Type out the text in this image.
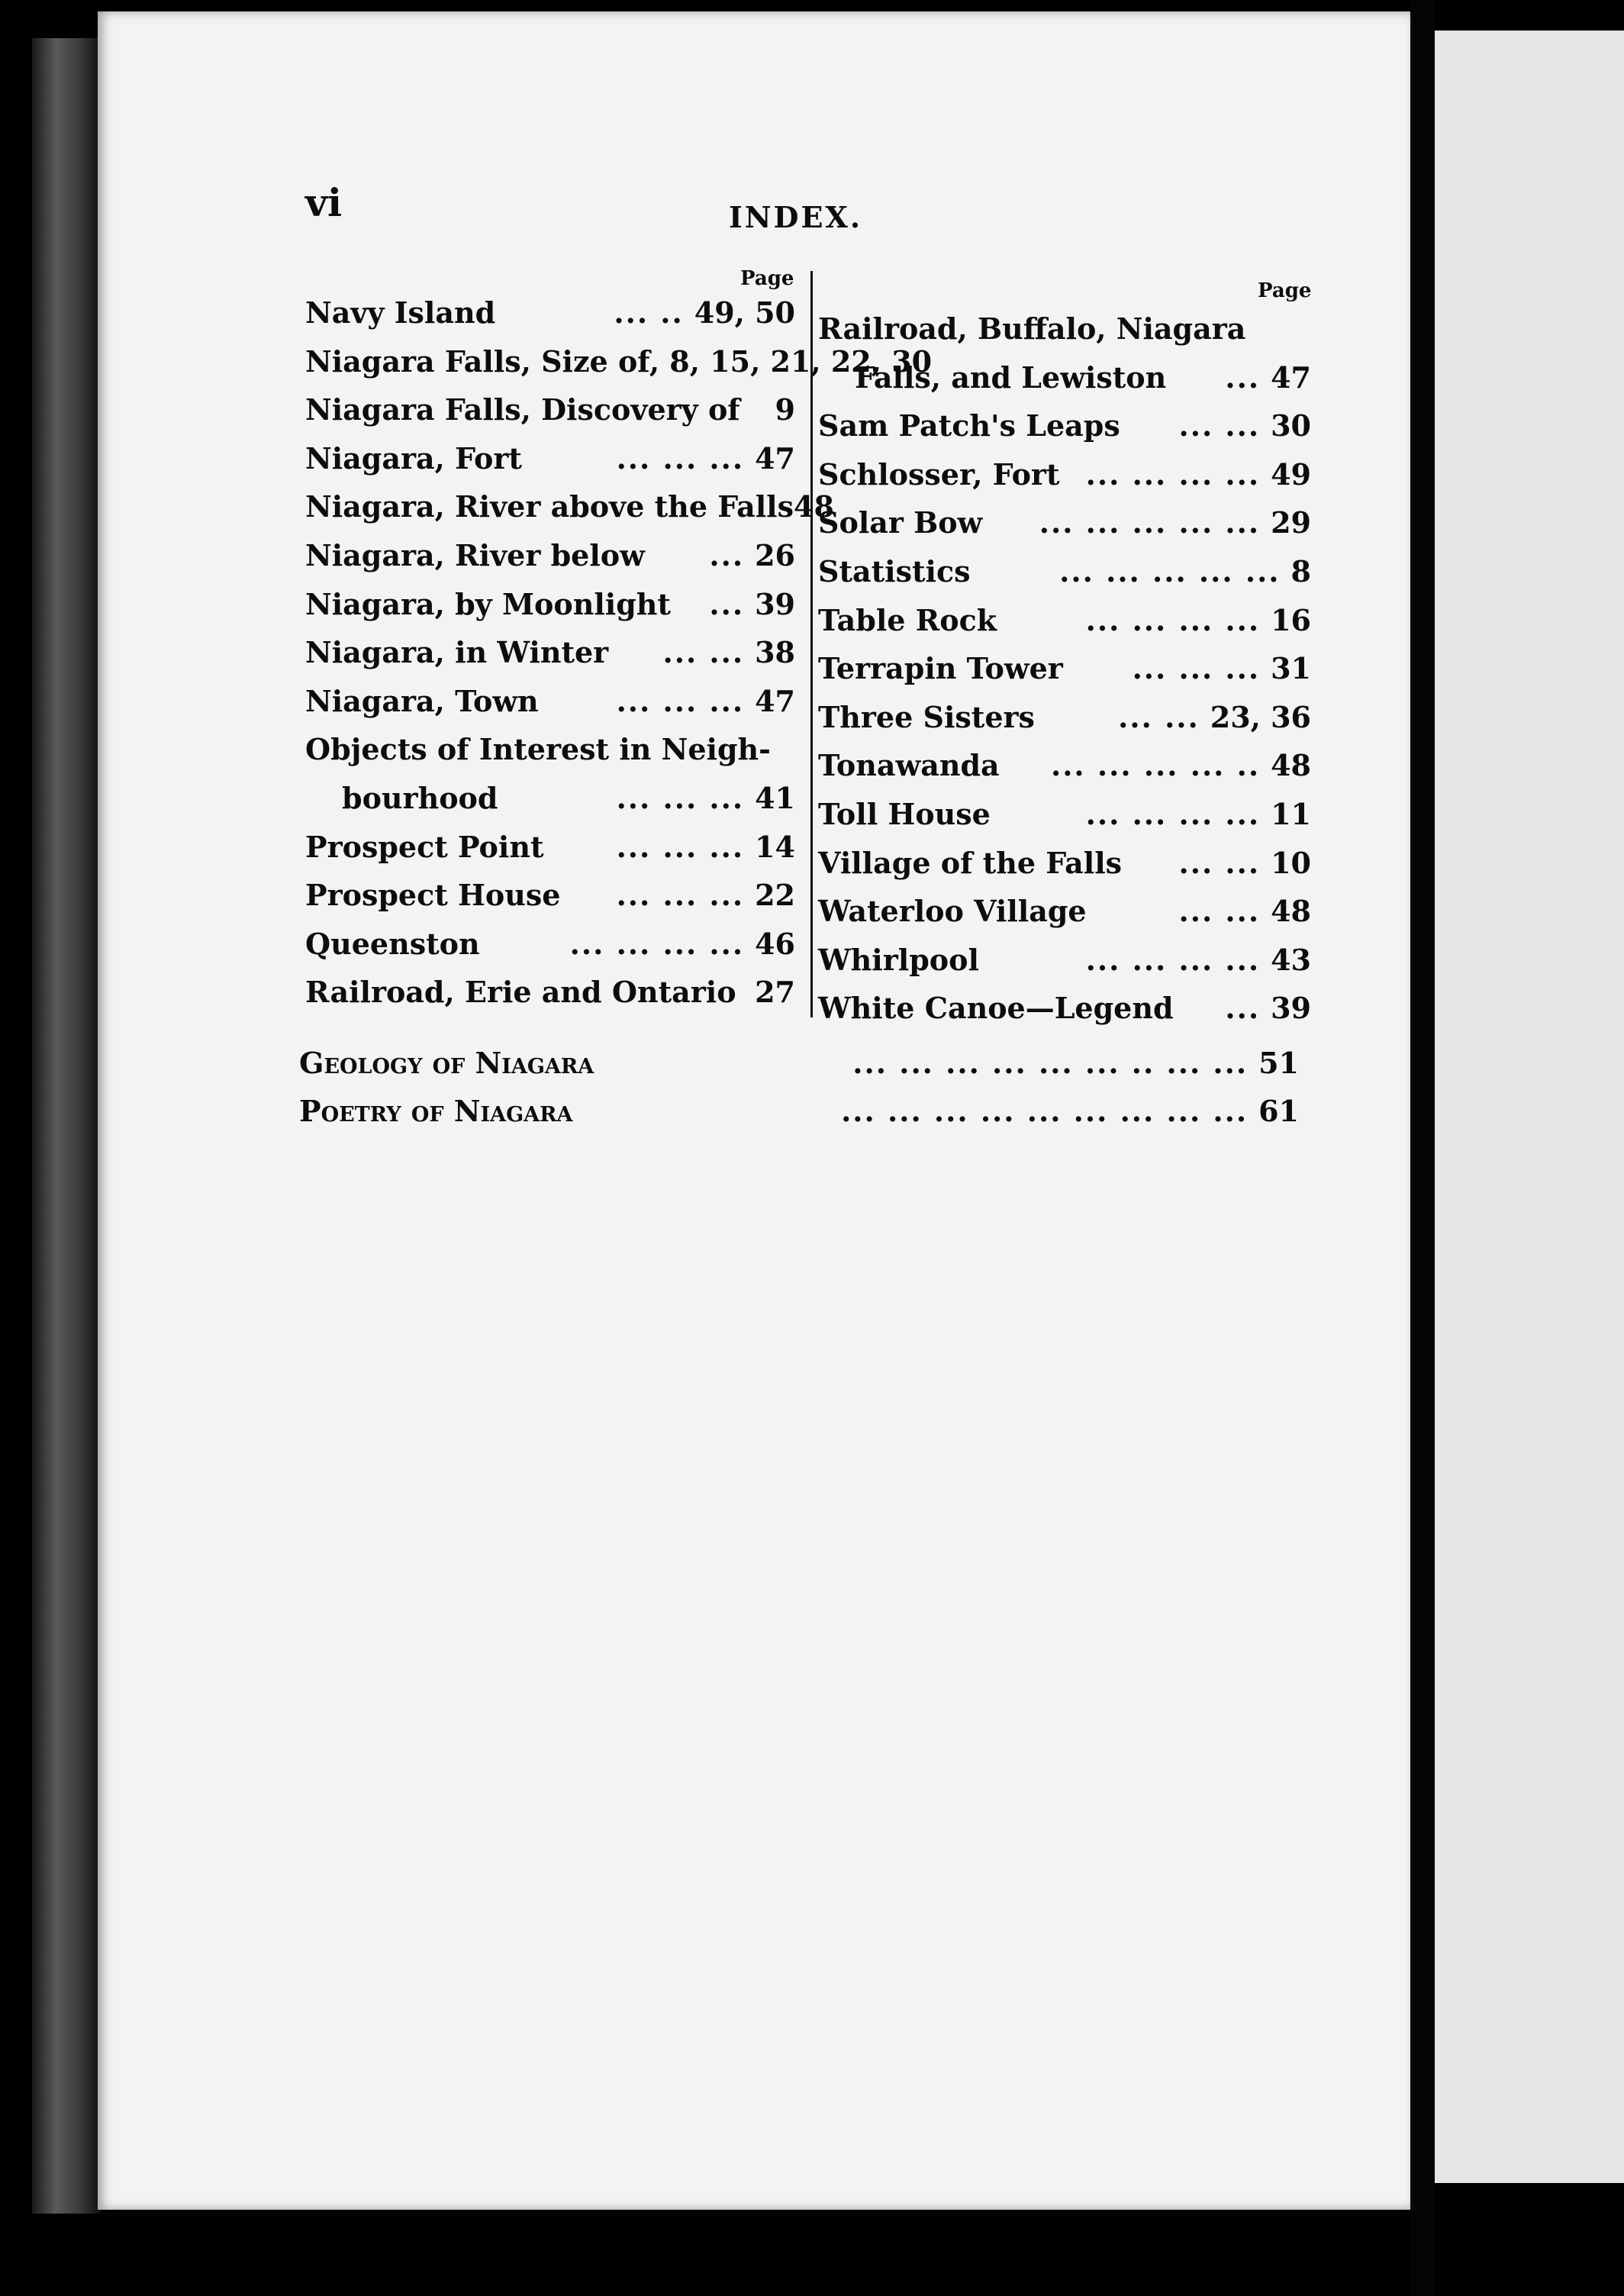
vi	INDEX.
Page
Page
Navy Island	... .. 49, 50
Niagara Falls, Size of, 8, 15, 21, 22, 30
Niagara Falls, Discovery of 9
Niagara, Fort	... ... ... 47
Niagara, River above the Falls 48
Niagara, River below	... 26
Niagara, by Moonlight	... 39
Niagara, in Winter	... ... 38
Niagara, Town	... ... ... 47
Objects of Interest in Neigh-
bourhood	... ... ... 41
Prospect Point	... ... ... 14
Prospect House	... ... ... 22
Queenston	... ... ... ... 46
Railroad, Erie and Ontario 27
Railroad, Buffalo, Niagara
Falls, and Lewiston	... 47
Sam Patch's Leaps	... ... 30
Schlosser, Fort ... ... ... ... 49
Solar Bow	... ... ... ... ... 29
Statistics	... ... ... ... ... 8
Table Rock	... ... ... ... 16
Terrapin Tower	... ... ... 31
Three Sisters	... ... 23, 36
Tonawanda	... ... ... ... .. 48
Toll House	... ... ... ... 11
Village of the Falls	... ... 10
Waterloo Village	... ... 48
Whirlpool	... ... ... ... 43
White Canoe—Legend	... 39
Geology of Niagara	... ... ... ... ... ... .. ... ... 51
Poetry of Niagara	... ... ... ... ... ... ... ... ... 61
